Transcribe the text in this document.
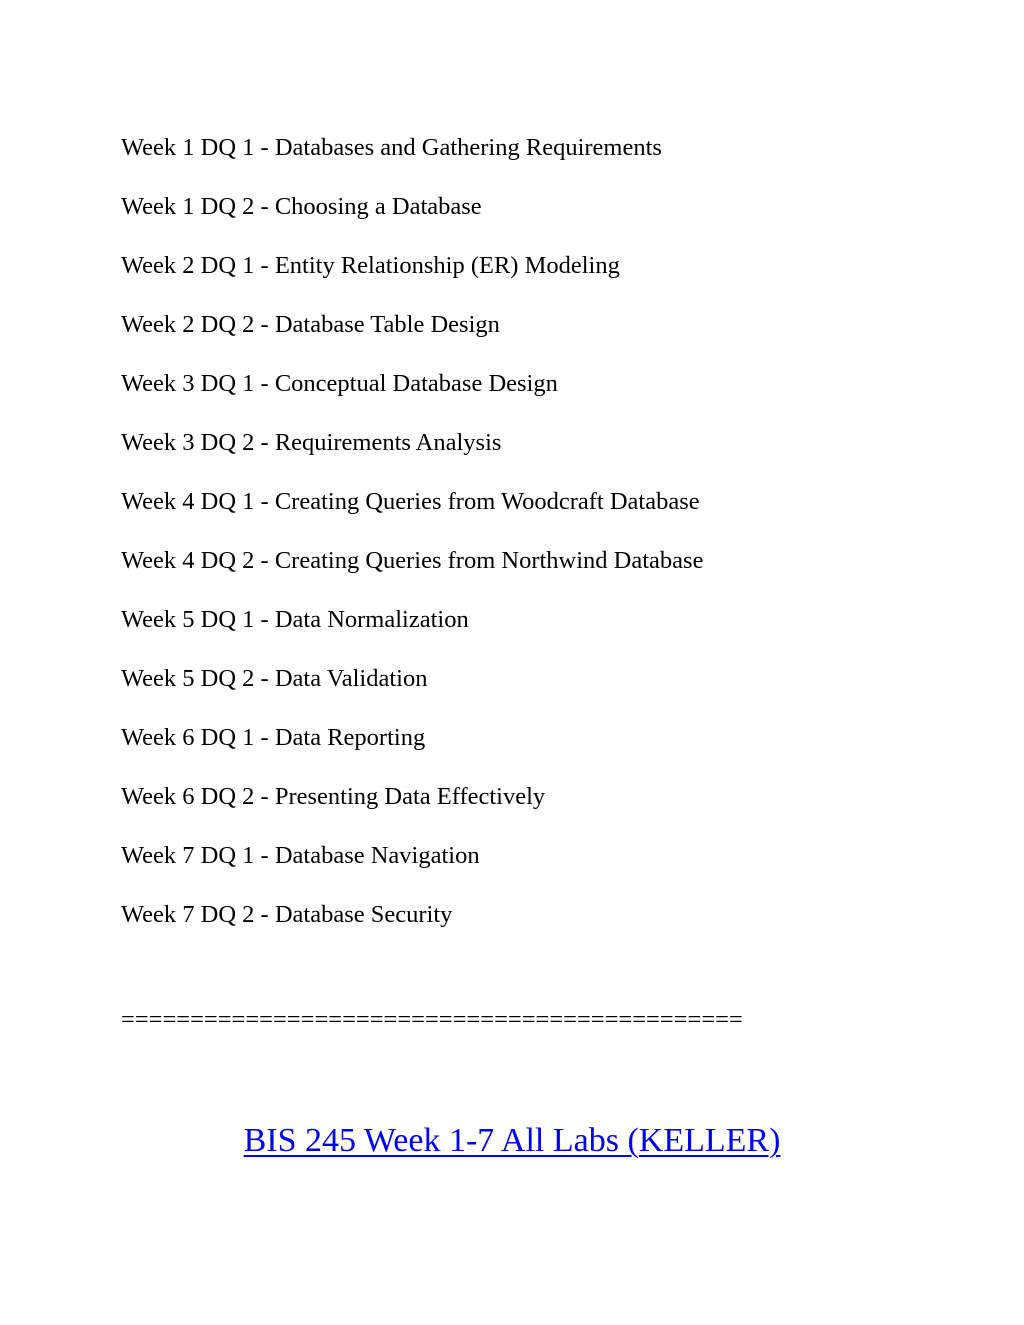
Week 1 DQ 1 - Databases and Gathering Requirements
Week 1 DQ 2 - Choosing a Database
Week 2 DQ 1 - Entity Relationship (ER) Modeling
Week 2 DQ 2 - Database Table Design
Week 3 DQ 1 - Conceptual Database Design
Week 3 DQ 2 - Requirements Analysis
Week 4 DQ 1 - Creating Queries from Woodcraft Database
Week 4 DQ 2 - Creating Queries from Northwind Database
Week 5 DQ 1 - Data Normalization
Week 5 DQ 2 - Data Validation
Week 6 DQ 1 - Data Reporting
Week 6 DQ 2 - Presenting Data Effectively
Week 7 DQ 1 - Database Navigation
Week 7 DQ 2 - Database Security
=============================================
BIS 245 Week 1-7 All Labs (KELLER)
